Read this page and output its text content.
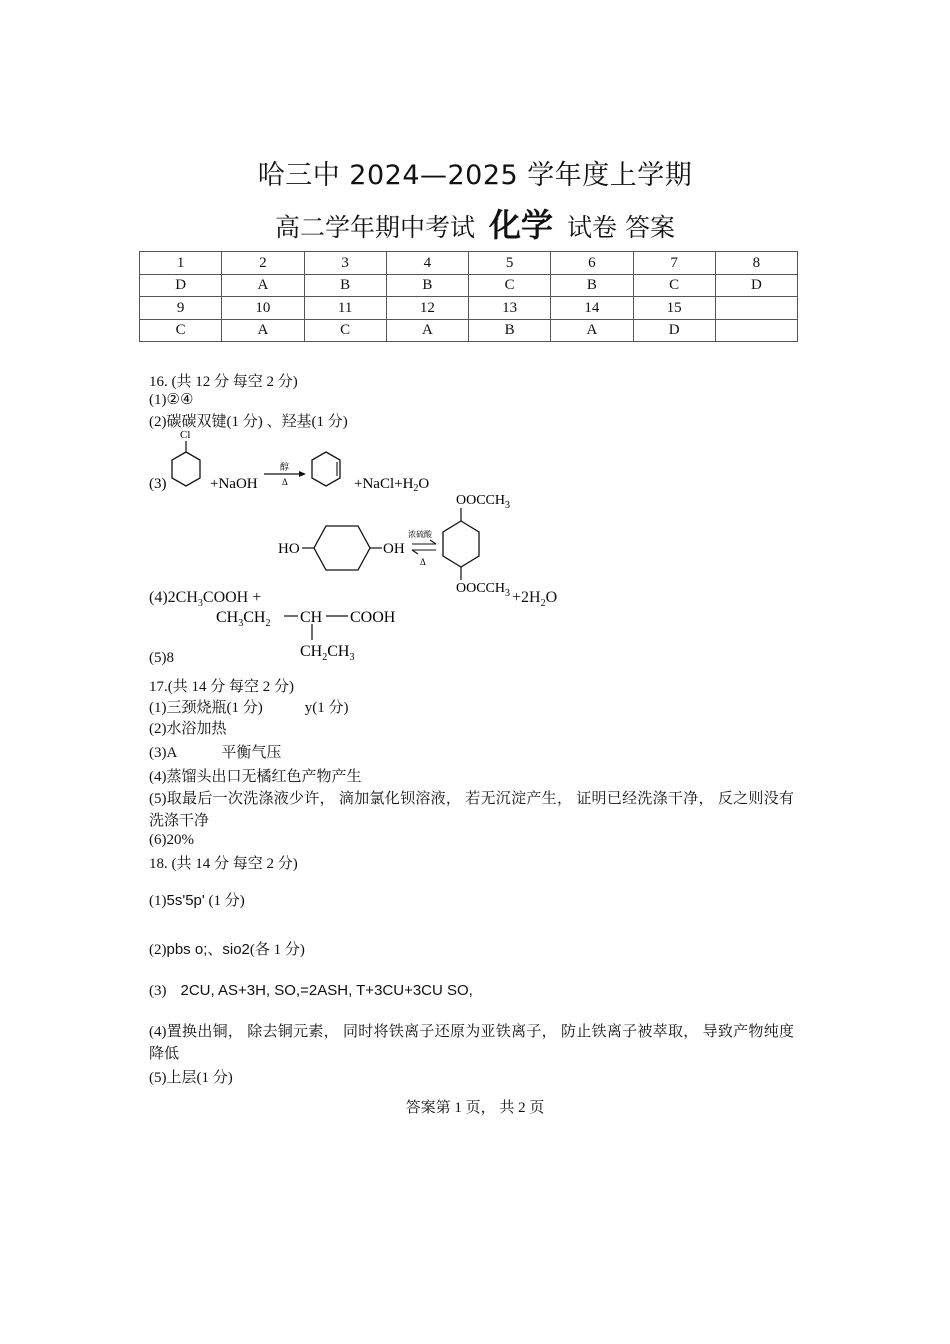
哈三中 2024—2025 学年度上学期
高二学年期中考试 化学 试卷 答案
1	2	3	4	5	6	7	8
D	A	B	B	C	B	C	D
9	10	11	12	13	14	15	
C	A	C	A	B	A	D	
16. (共 12 分 每空 2 分)
(1)②④
(2)碳碳双键(1 分) 、羟基(1 分)
(3)
Cl
+NaOH
醇
Δ	$+NaCl+H_2O$
$OOCCH_3$
$OOCCH_3$
HO	OH
浓硫酸
Δ
$(4)2CH_3COOH$ +	$+2H_2O$
$CH_3CH_2$ CH COOH
$CH_2CH_3$
(5)8
17.(共 14 分 每空 2 分)
(1)三颈烧瓶(1 分)	y(1 分)
(2)水浴加热
(3)A	平衡气压
(4)蒸馏头出口无橘红色产物产生
(5)取最后一次洗涤液少许， 滴加氯化钡溶液， 若无沉淀产生， 证明已经洗涤干净， 反之则没有洗涤干净
(6)20%
18. (共 14 分 每空 2 分)
(1)5s'5p' (1 分)
(2)pbs o;、sio2(各 1 分)
(3) 2CU, AS+3H, SO,=2ASH, T+3CU+3CU SO,
(4)置换出铜， 除去铜元素， 同时将铁离子还原为亚铁离子， 防止铁离子被萃取， 导致产物纯度降低
(5)上层(1 分)
答案第 1 页， 共 2 页
